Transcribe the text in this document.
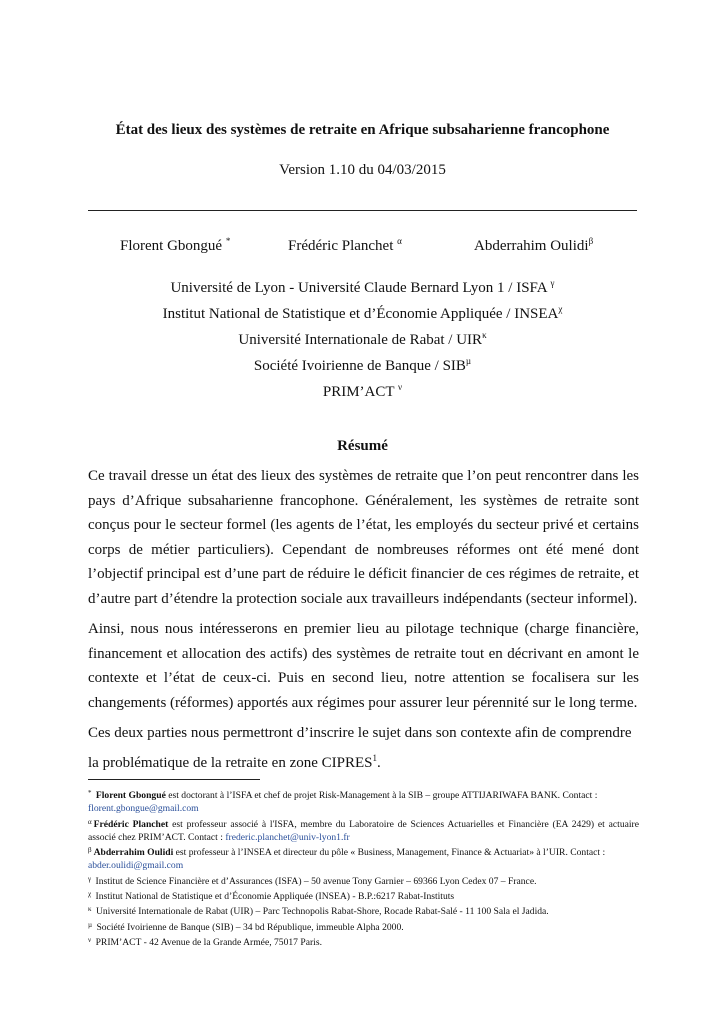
État des lieux des systèmes de retraite en Afrique subsaharienne francophone
Version 1.10 du 04/03/2015
Florent Gbongué *	Frédéric Planchet $^\alpha$	Abderrahim Oulidi$^\beta$
Université de Lyon - Université Claude Bernard Lyon 1 / ISFA $^\gamma$
Institut National de Statistique et d’Économie Appliquée / $INSEA^\chi$
Université Internationale de Rabat / $UIR^\kappa$
Société Ivoirienne de Banque / $SIB^\mu$
PRIM’ACT $^\nu$
Résumé

Ce travail dresse un état des lieux des systèmes de retraite que l’on peut rencontrer dans les pays d’Afrique subsaharienne francophone. Généralement, les systèmes de retraite sont conçus pour le secteur formel (les agents de l’état, les employés du secteur privé et certains corps de métier particuliers). Cependant de nombreuses réformes ont été mené dont l’objectif principal est d’une part de réduire le déficit financier de ces régimes de retraite, et d’autre part d’étendre la protection sociale aux travailleurs indépendants (secteur informel).

Ainsi, nous nous intéresserons en premier lieu au pilotage technique (charge financière, financement et allocation des actifs) des systèmes de retraite tout en décrivant en amont le contexte et l’état de ceux-ci. Puis en second lieu, notre attention se focalisera sur les changements (réformes) apportés aux régimes pour assurer leur pérennité sur le long terme.

Ces deux parties nous permettront d’inscrire le sujet dans son contexte afin de comprendre la problématique de la retraite en zone CIPRES$^1$.

* Florent Gbongué est doctorant à l’ISFA et chef de projet Risk-Management à la SIB – groupe ATTIJARIWAFA BANK. Contact :
florent.gbongue@gmail.com

$^\alpha$ Frédéric Planchet est professeur associé à l'ISFA, membre du Laboratoire de Sciences Actuarielles et Financière (EA 2429) et actuaire associé chez PRIM’ACT. Contact : frederic.planchet@univ-lyon1.fr

$^\beta$ Abderrahim Oulidi est professeur à l’INSEA et directeur du pôle « Business, Management, Finance & Actuariat» à l’UIR. Contact :
abder.oulidi@gmail.com

$^\gamma$ Institut de Science Financière et d’Assurances (ISFA) – 50 avenue Tony Garnier – 69366 Lyon Cedex 07 – France.

$^\chi$ Institut National de Statistique et d’Économie Appliquée (INSEA) - B.P.:6217 Rabat-Instituts

$^\kappa$ Université Internationale de Rabat (UIR) – Parc Technopolis Rabat-Shore, Rocade Rabat-Salé - 11 100 Sala el Jadida.

$^\mu$ Société Ivoirienne de Banque (SIB) – 34 bd République, immeuble Alpha 2000.

$^\nu$ PRIM’ACT - 42 Avenue de la Grande Armée, 75017 Paris.
